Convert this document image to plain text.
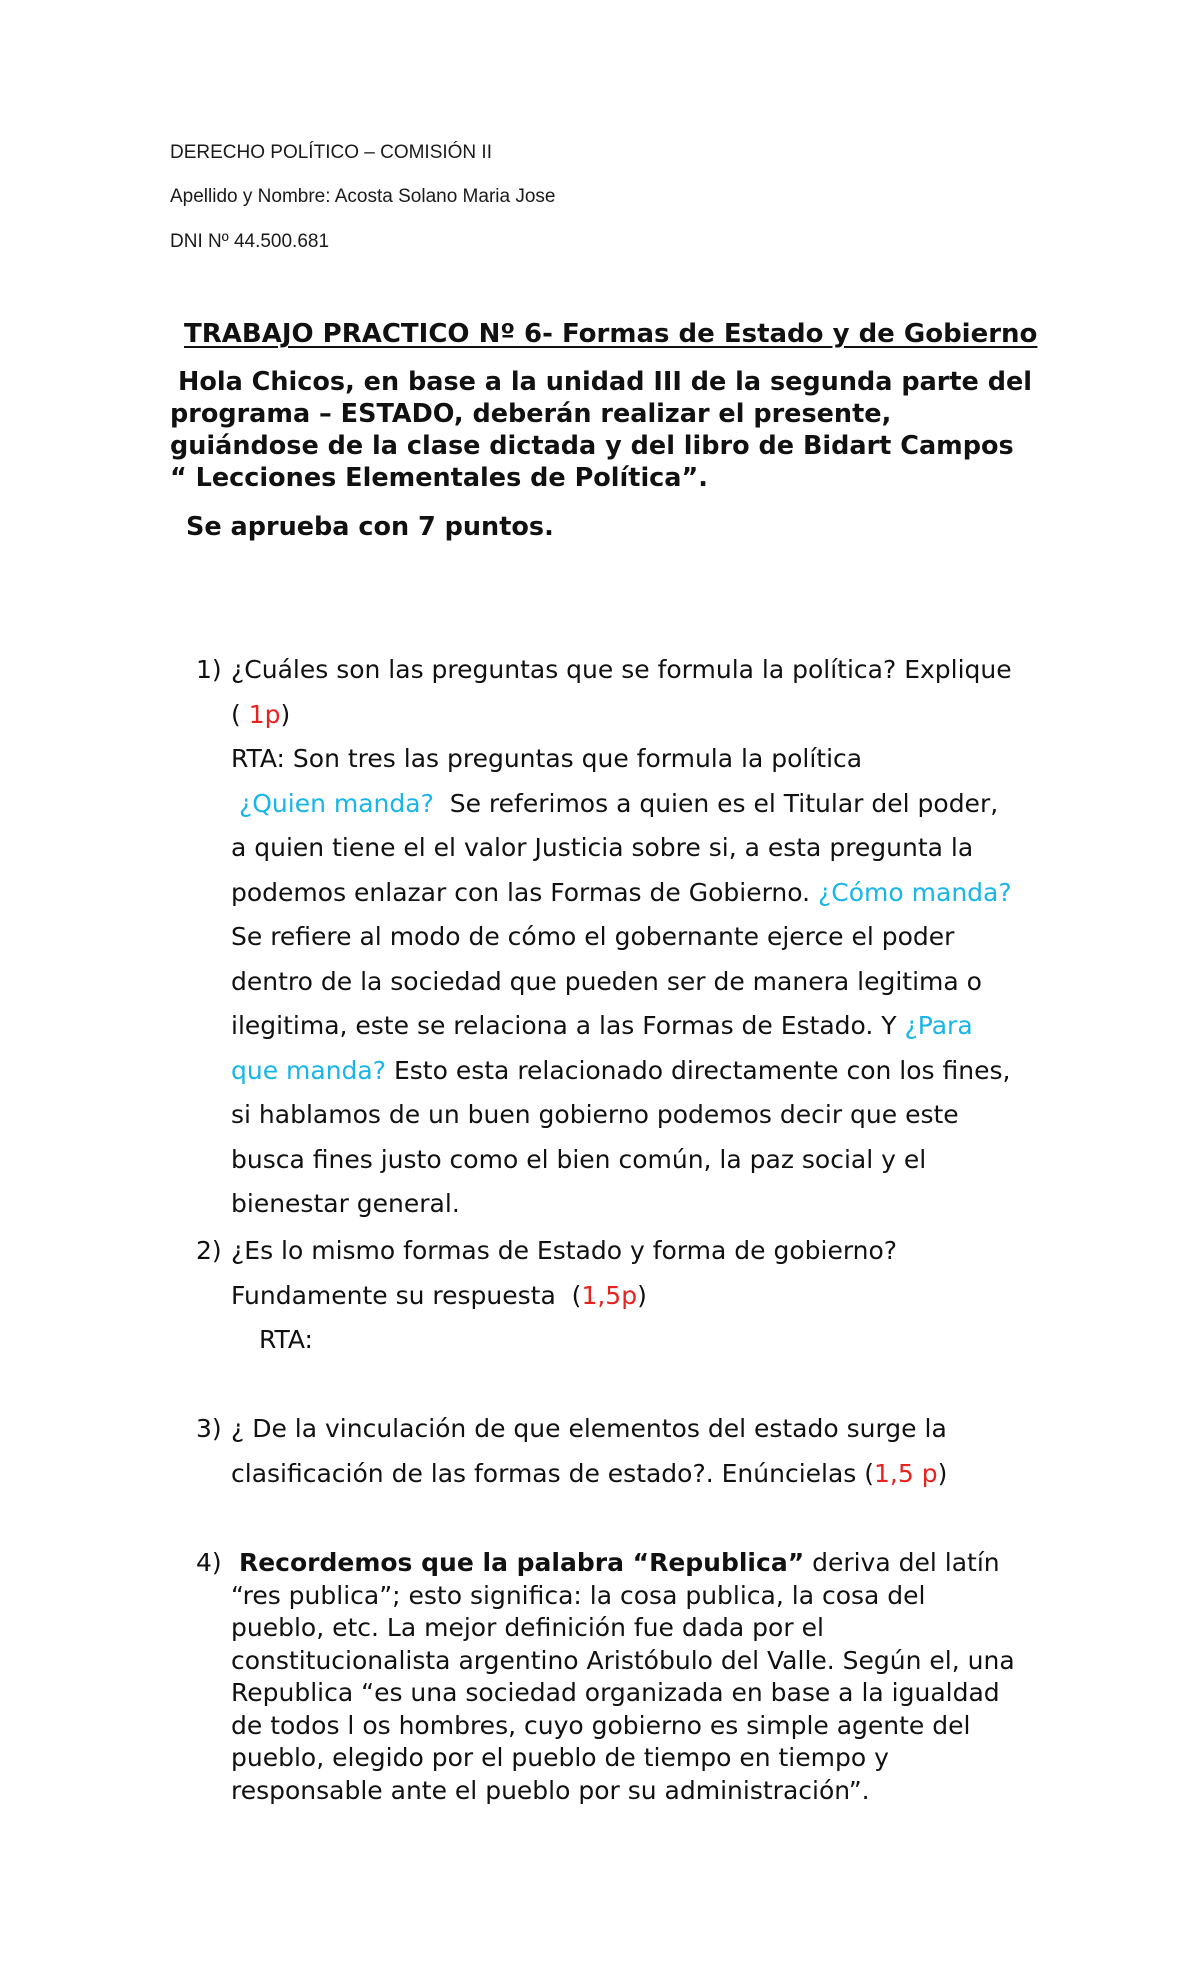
DERECHO POLÍTICO – COMISIÓN II

Apellido y Nombre: Acosta Solano Maria Jose

DNI Nº 44.500.681

TRABAJO PRACTICO Nº 6- Formas de Estado y de Gobierno
Hola Chicos, en base a la unidad III de la segunda parte del
programa – ESTADO, deberán realizar el presente,
guiándose de la clase dictada y del libro de Bidart Campos
“ Lecciones Elementales de Política”.

Se aprueba con 7 puntos.

1) ¿Cuáles son las preguntas que se formula la política? Explique

( 1p)

RTA: Son tres las preguntas que formula la política

¿Quien manda?  Se referimos a quien es el Titular del poder,

a quien tiene el el valor Justicia sobre si, a esta pregunta la

podemos enlazar con las Formas de Gobierno. ¿Cómo manda?

Se refiere al modo de cómo el gobernante ejerce el poder

dentro de la sociedad que pueden ser de manera legitima o

ilegitima, este se relaciona a las Formas de Estado. Y ¿Para

que manda? Esto esta relacionado directamente con los fines,

si hablamos de un buen gobierno podemos decir que este

busca fines justo como el bien común, la paz social y el

bienestar general.

2) ¿Es lo mismo formas de Estado y forma de gobierno?

Fundamente su respuesta  (1,5p)

RTA:

3) ¿ De la vinculación de que elementos del estado surge la

clasificación de las formas de estado?. Enúncielas (1,5 p)

4) Recordemos que la palabra “Republica” deriva del latín

“res publica”; esto significa: la cosa publica, la cosa del

pueblo, etc. La mejor definición fue dada por el

constitucionalista argentino Aristóbulo del Valle. Según el, una

Republica “es una sociedad organizada en base a la igualdad

de todos l os hombres, cuyo gobierno es simple agente del

pueblo, elegido por el pueblo de tiempo en tiempo y

responsable ante el pueblo por su administración”.
